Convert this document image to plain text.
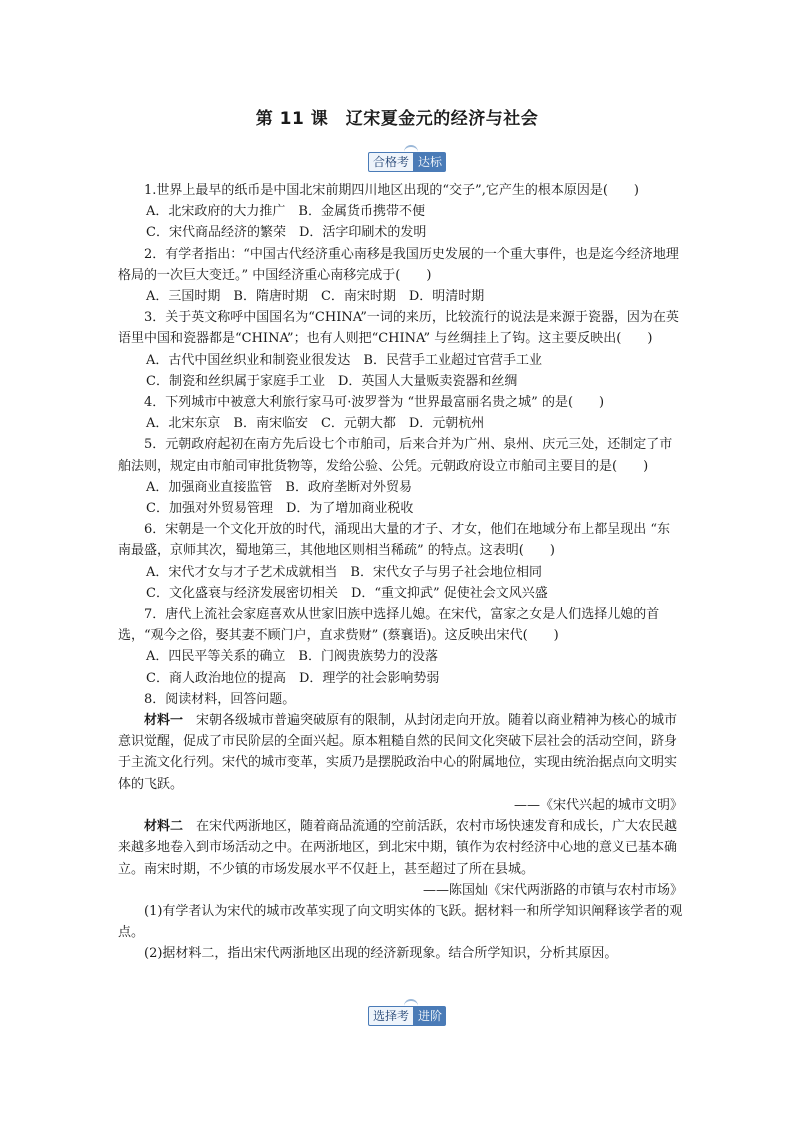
第 11 课　辽宋夏金元的经济与社会
合格考 达标

1.世界上最早的纸币是中国北宋前期四川地区出现的“交子”,它产生的根本原因是(　　)

A．北宋政府的大力推广　B．金属货币携带不便

C．宋代商品经济的繁荣　D．活字印刷术的发明

2．有学者指出：“中国古代经济重心南移是我国历史发展的一个重大事件，也是迄今经济地理格局的一次巨大变迁。” 中国经济重心南移完成于(　　)

A．三国时期　B．隋唐时期　C．南宋时期　D．明清时期

3．关于英文称呼中国国名为“CHINA”一词的来历，比较流行的说法是来源于瓷器，因为在英语里中国和瓷器都是“CHINA”；也有人则把“CHINA” 与丝绸挂上了钩。这主要反映出(　　)

A．古代中国丝织业和制瓷业很发达　B．民营手工业超过官营手工业

C．制瓷和丝织属于家庭手工业　D．英国人大量贩卖瓷器和丝绸

4．下列城市中被意大利旅行家马可·波罗誉为 “世界最富丽名贵之城” 的是(　　)

A．北宋东京　B．南宋临安　C．元朝大都　D．元朝杭州

5．元朝政府起初在南方先后设七个市舶司，后来合并为广州、泉州、庆元三处，还制定了市舶法则，规定由市舶司审批货物等，发给公验、公凭。元朝政府设立市舶司主要目的是(　　)

A．加强商业直接监管　B．政府垄断对外贸易

C．加强对外贸易管理　D．为了增加商业税收

6．宋朝是一个文化开放的时代，涌现出大量的才子、才女，他们在地域分布上都呈现出 “东南最盛，京师其次，蜀地第三，其他地区则相当稀疏” 的特点。这表明(　　)

A．宋代才女与才子艺术成就相当　B．宋代女子与男子社会地位相同

C．文化盛衰与经济发展密切相关　D．“重文抑武” 促使社会文风兴盛

7．唐代上流社会家庭喜欢从世家旧族中选择儿媳。在宋代，富家之女是人们选择儿媳的首选，“观今之俗，娶其妻不顾门户，直求赀财” (蔡襄语)。这反映出宋代(　　)

A．四民平等关系的确立　B．门阀贵族势力的没落

C．商人政治地位的提高　D．理学的社会影响势弱

8．阅读材料，回答问题。

材料一　宋朝各级城市普遍突破原有的限制，从封闭走向开放。随着以商业精神为核心的城市意识觉醒，促成了市民阶层的全面兴起。原本粗糙自然的民间文化突破下层社会的活动空间，跻身于主流文化行列。宋代的城市变革，实质乃是摆脱政治中心的附属地位，实现由统治据点向文明实体的飞跃。

——《宋代兴起的城市文明》

材料二　在宋代两浙地区，随着商品流通的空前活跃，农村市场快速发育和成长，广大农民越来越多地卷入到市场活动之中。在两浙地区，到北宋中期，镇作为农村经济中心地的意义已基本确立。南宋时期，不少镇的市场发展水平不仅赶上，甚至超过了所在县城。

——陈国灿《宋代两浙路的市镇与农村市场》

(1)有学者认为宋代的城市改革实现了向文明实体的飞跃。据材料一和所学知识阐释该学者的观点。

(2)据材料二，指出宋代两浙地区出现的经济新现象。结合所学知识，分析其原因。

选择考 进阶
